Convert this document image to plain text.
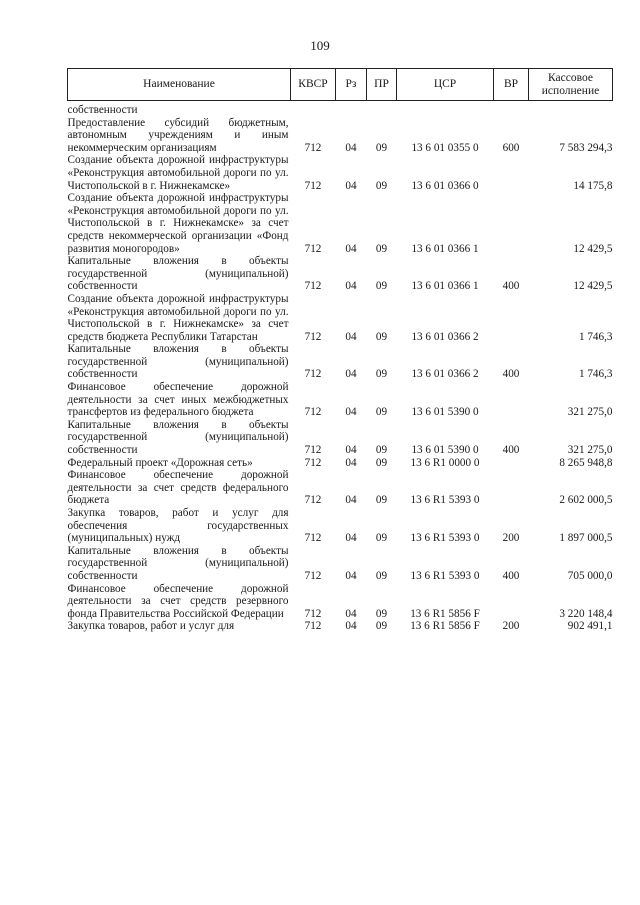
109
Наименование	КВСР	Рз	ПР	ЦСР	ВР	Кассовое исполнение

собственности						
Предоставление субсидий бюджетным, автономным учреждениям и иным некоммерческим организациям	712	04	09	13 6 01 0355 0	600	7 583 294,3
Создание объекта дорожной инфраструктуры «Реконструкция автомобильной дороги по ул. Чистопольской в г. Нижнекамске»	712	04	09	13 6 01 0366 0		14 175,8
Создание объекта дорожной инфраструктуры «Реконструкция автомобильной дороги по ул. Чистопольской в г. Нижнекамске» за счет средств некоммерческой организации «Фонд развития моногородов»	712	04	09	13 6 01 0366 1		12 429,5
Капитальные вложения в объекты государственной (муниципальной) собственности	712	04	09	13 6 01 0366 1	400	12 429,5
Создание объекта дорожной инфраструктуры «Реконструкция автомобильной дороги по ул. Чистопольской в г. Нижнекамске» за счет средств бюджета Республики Татарстан	712	04	09	13 6 01 0366 2		1 746,3
Капитальные вложения в объекты государственной (муниципальной) собственности	712	04	09	13 6 01 0366 2	400	1 746,3
Финансовое обеспечение дорожной деятельности за счет иных межбюджетных трансфертов из федерального бюджета	712	04	09	13 6 01 5390 0		321 275,0
Капитальные вложения в объекты государственной (муниципальной) собственности	712	04	09	13 6 01 5390 0	400	321 275,0
Федеральный проект «Дорожная сеть»	712	04	09	13 6 R1 0000 0		8 265 948,8
Финансовое обеспечение дорожной деятельности за счет средств федерального бюджета	712	04	09	13 6 R1 5393 0		2 602 000,5
Закупка товаров, работ и услуг для обеспечения государственных (муниципальных) нужд	712	04	09	13 6 R1 5393 0	200	1 897 000,5
Капитальные вложения в объекты государственной (муниципальной) собственности	712	04	09	13 6 R1 5393 0	400	705 000,0
Финансовое обеспечение дорожной деятельности за счет средств резервного фонда Правительства Российской Федерации	712	04	09	13 6 R1 5856 F		3 220 148,4
Закупка товаров, работ и услуг для	712	04	09	13 6 R1 5856 F	200	902 491,1
